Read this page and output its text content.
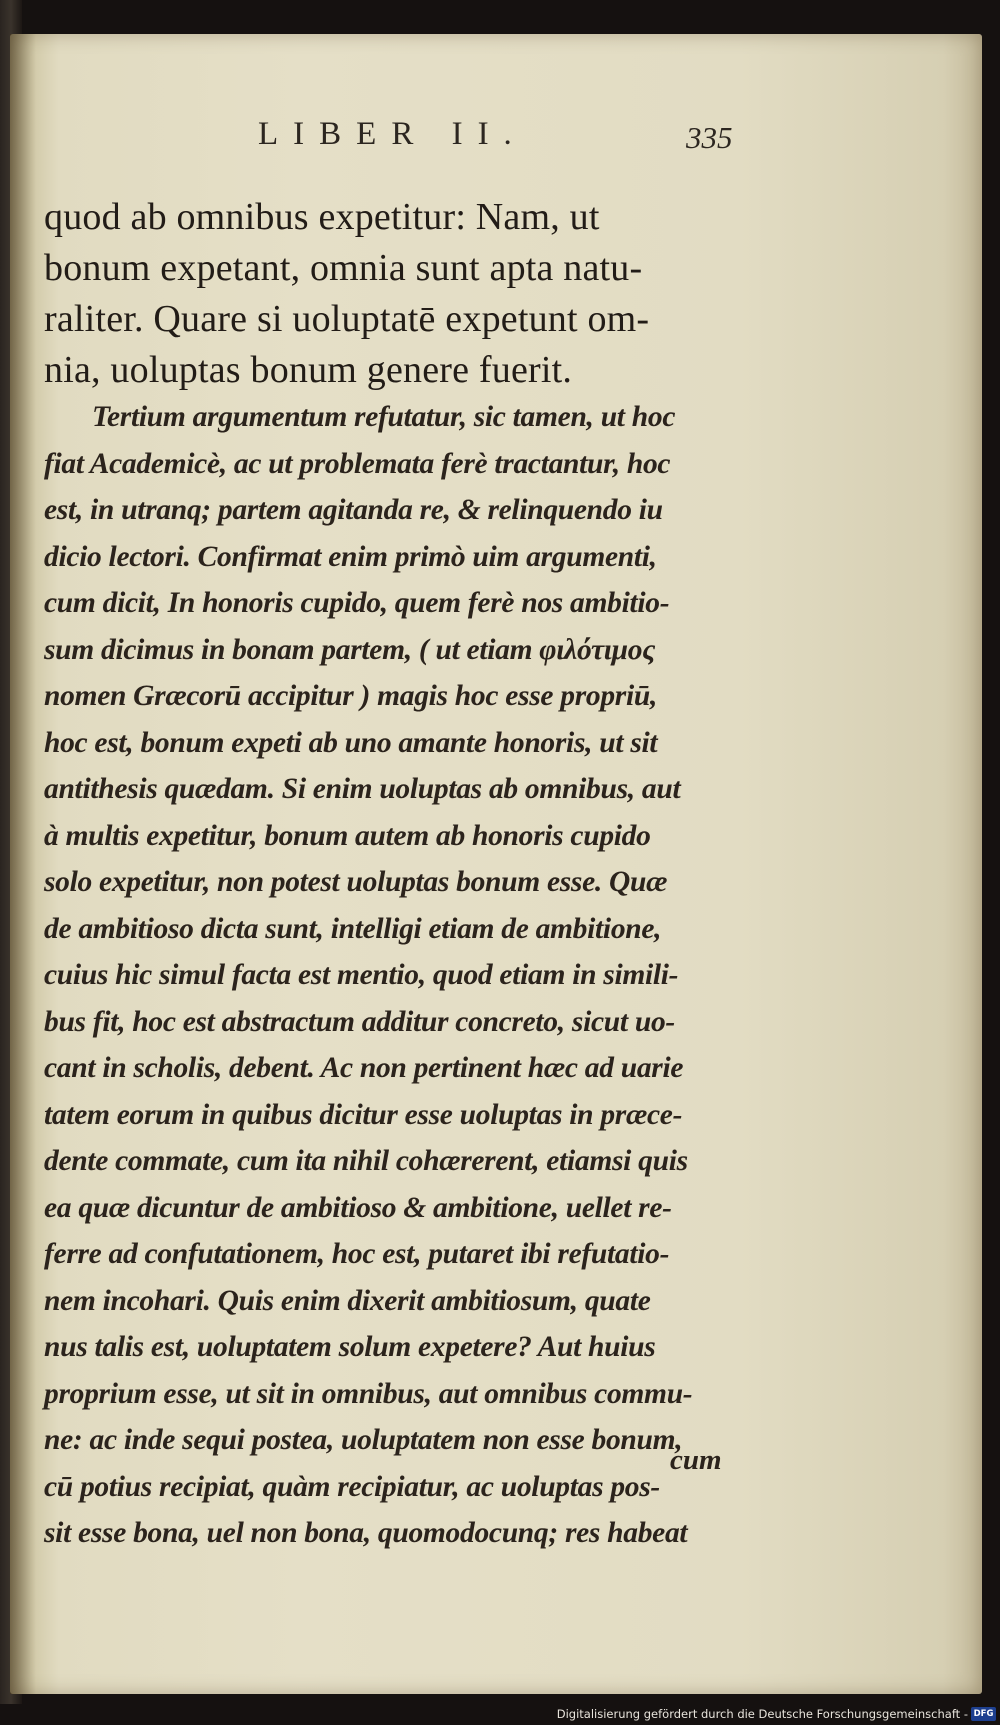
LIBER II.	335
quod ab omnibus expetitur: Nam, ut
bonum expetant, omnia sunt apta natu-
raliter. Quare si uoluptatē expetunt om-
nia, uoluptas bonum genere fuerit.
Tertium argumentum refutatur, sic tamen, ut hoc
fiat Academicè, ac ut problemata ferè tractantur, hoc
est, in utranq; partem agitanda re, & relinquendo iu
dicio lectori. Confirmat enim primò uim argumenti,
cum dicit, In honoris cupido, quem ferè nos ambitio-
sum dicimus in bonam partem, ( ut etiam φιλότιμος
nomen Græcorū accipitur ) magis hoc esse propriū,
hoc est, bonum expeti ab uno amante honoris, ut sit
antithesis quædam. Si enim uoluptas ab omnibus, aut
à multis expetitur, bonum autem ab honoris cupido
solo expetitur, non potest uoluptas bonum esse. Quæ
de ambitioso dicta sunt, intelligi etiam de ambitione,
cuius hic simul facta est mentio, quod etiam in simili-
bus fit, hoc est abstractum additur concreto, sicut uo-
cant in scholis, debent. Ac non pertinent hæc ad uarie
tatem eorum in quibus dicitur esse uoluptas in præce-
dente commate, cum ita nihil cohærerent, etiamsi quis
ea quæ dicuntur de ambitioso & ambitione, uellet re-
ferre ad confutationem, hoc est, putaret ibi refutatio-
nem incohari. Quis enim dixerit ambitiosum, quate
nus talis est, uoluptatem solum expetere? Aut huius
proprium esse, ut sit in omnibus, aut omnibus commu-
ne: ac inde sequi postea, uoluptatem non esse bonum,
cū potius recipiat, quàm recipiatur, ac uoluptas pos-
sit esse bona, uel non bona, quomodocunq; res habeat
cum
Digitalisierung gefördert durch die Deutsche Forschungsgemeinschaft - DFG
